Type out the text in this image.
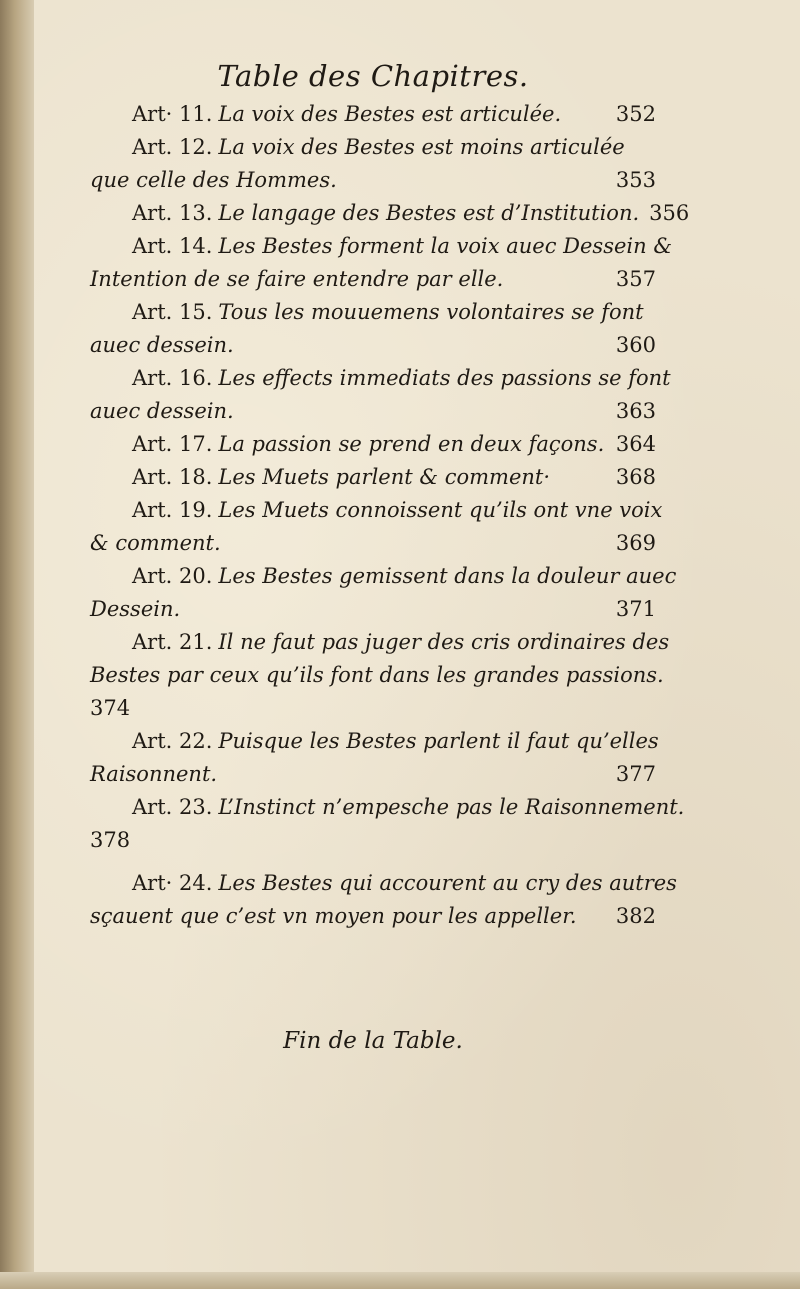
Table des Chapitres.
Art· 11. La voix des Bestes est articulée.	352
Art. 12. La voix des Bestes est moins articulée
que celle des Hommes.	353
Art. 13. Le langage des Bestes est d’Institution. 356
Art. 14. Les Bestes forment la voix auec Dessein &
Intention de se faire entendre par elle.	357
Art. 15. Tous les mouuemens volontaires se font
auec dessein.	360
Art. 16. Les effects immediats des passions se font
auec dessein.	363
Art. 17. La passion se prend en deux façons. 364
Art. 18. Les Muets parlent & comment·	368
Art. 19. Les Muets connoissent qu’ils ont vne voix
& comment.	369
Art. 20. Les Bestes gemissent dans la douleur auec
Dessein.	371
Art. 21. Il ne faut pas juger des cris ordinaires des
Bestes par ceux qu’ils font dans les grandes passions.
374
Art. 22. Puisque les Bestes parlent il faut qu’elles
Raisonnent.	377
Art. 23. L’Instinct n’empesche pas le Raisonnement.
378
Art· 24. Les Bestes qui accourent au cry des autres
sçauent que c’est vn moyen pour les appeller.	382
Fin de la Table.
